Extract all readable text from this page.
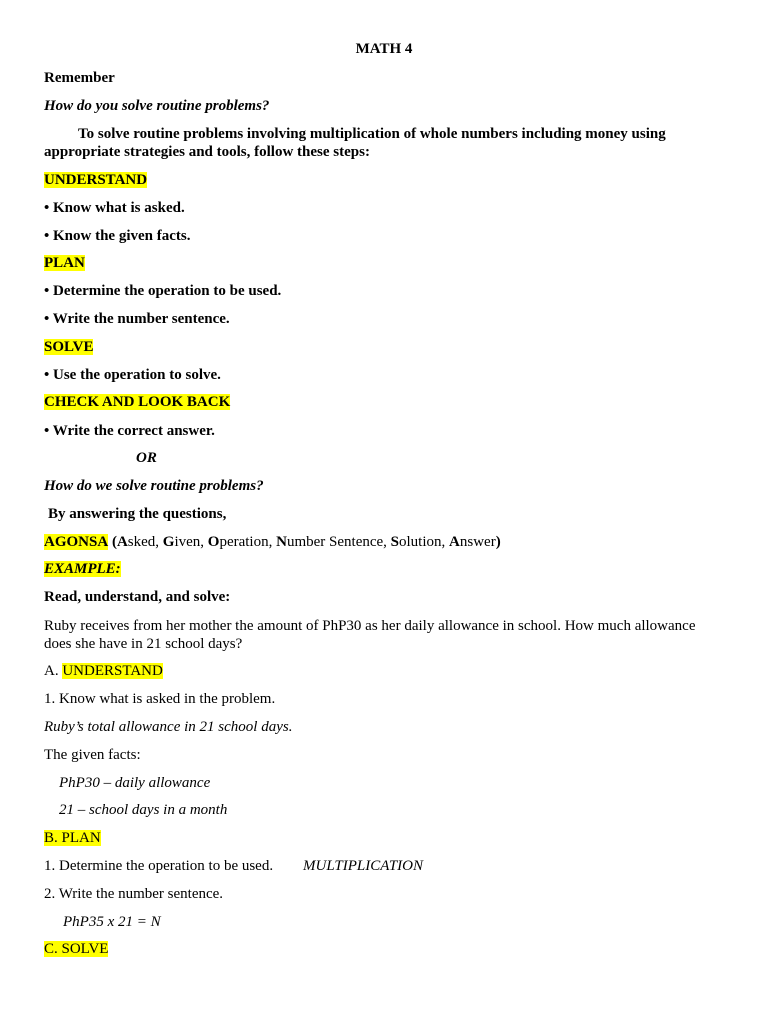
MATH 4
Remember
How do you solve routine problems?
To solve routine problems involving multiplication of whole numbers including money using appropriate strategies and tools, follow these steps:
UNDERSTAND
• Know what is asked.
• Know the given facts.
PLAN
• Determine the operation to be used.
• Write the number sentence.
SOLVE
• Use the operation to solve.
CHECK AND LOOK BACK
• Write the correct answer.
OR
How do we solve routine problems?
By answering the questions,
AGONSA (Asked, Given, Operation, Number Sentence, Solution, Answer)
EXAMPLE:
Read, understand, and solve:
Ruby receives from her mother the amount of PhP30 as her daily allowance in school. How much allowance does she have in 21 school days?
A. UNDERSTAND
1. Know what is asked in the problem.
Ruby’s total allowance in 21 school days.
The given facts:
PhP30 – daily allowance
21 – school days in a month
B. PLAN
1. Determine the operation to be used. MULTIPLICATION
2. Write the number sentence.
PhP35 x 21 = N
C. SOLVE
